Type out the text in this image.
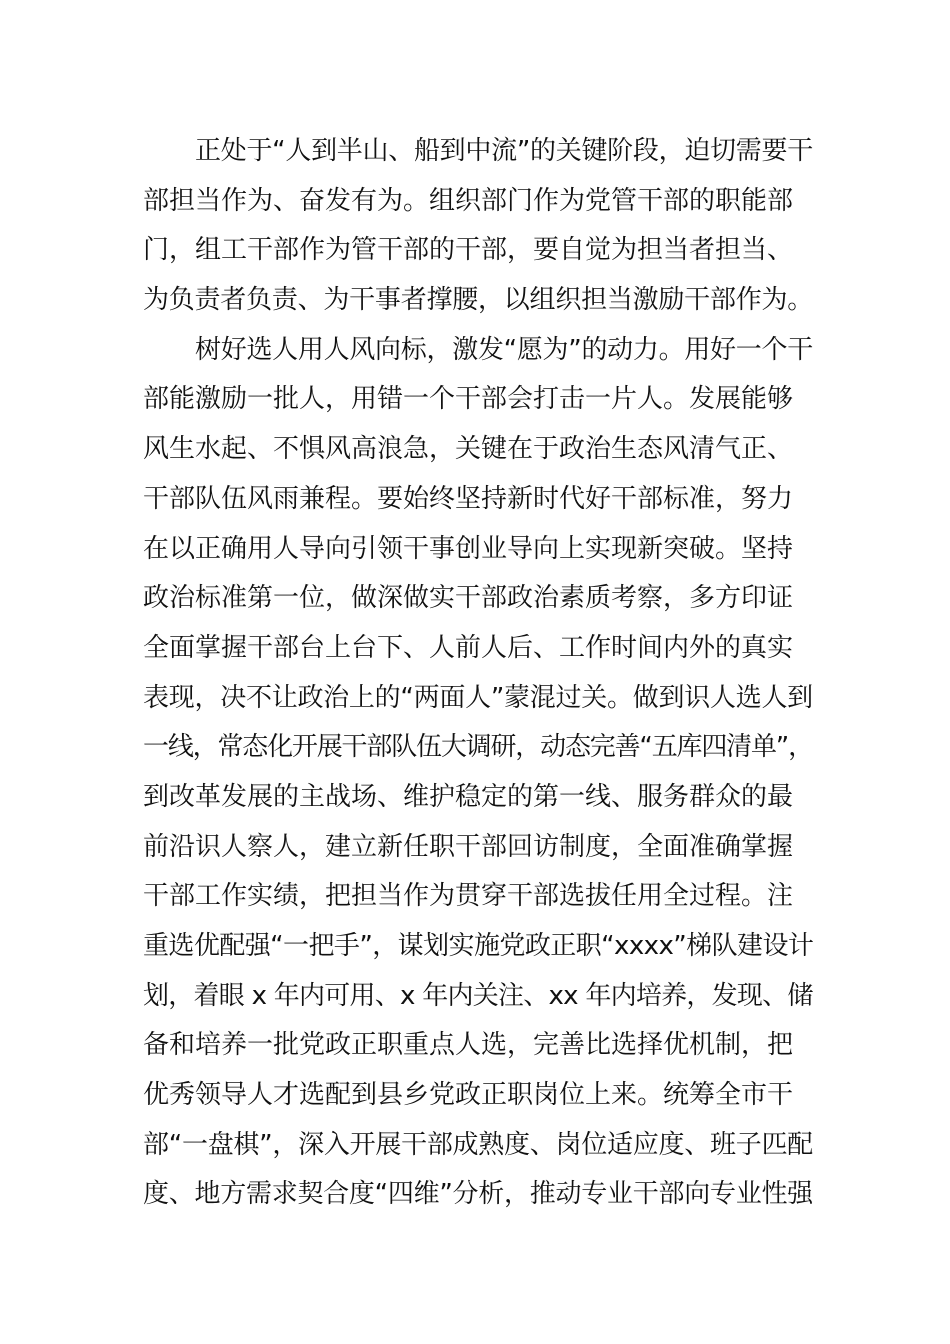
正处于“人到半山、船到中流”的关键阶段，迫切需要干
部担当作为、奋发有为。组织部门作为党管干部的职能部
门，组工干部作为管干部的干部，要自觉为担当者担当、
为负责者负责、为干事者撑腰，以组织担当激励干部作为。
树好选人用人风向标，激发“愿为”的动力。用好一个干
部能激励一批人，用错一个干部会打击一片人。发展能够
风生水起、不惧风高浪急，关键在于政治生态风清气正、
干部队伍风雨兼程。要始终坚持新时代好干部标准，努力
在以正确用人导向引领干事创业导向上实现新突破。坚持
政治标准第一位，做深做实干部政治素质考察，多方印证
全面掌握干部台上台下、人前人后、工作时间内外的真实
表现，决不让政治上的“两面人”蒙混过关。做到识人选人到
一线，常态化开展干部队伍大调研，动态完善“五库四清单”，
到改革发展的主战场、维护稳定的第一线、服务群众的最
前沿识人察人，建立新任职干部回访制度，全面准确掌握
干部工作实绩，把担当作为贯穿干部选拔任用全过程。注
重选优配强“一把手”，谋划实施党政正职“xxxx”梯队建设计
划，着眼 x 年内可用、x 年内关注、xx 年内培养，发现、储
备和培养一批党政正职重点人选，完善比选择优机制，把
优秀领导人才选配到县乡党政正职岗位上来。统筹全市干
部“一盘棋”，深入开展干部成熟度、岗位适应度、班子匹配
度、地方需求契合度“四维”分析，推动专业干部向专业性强
